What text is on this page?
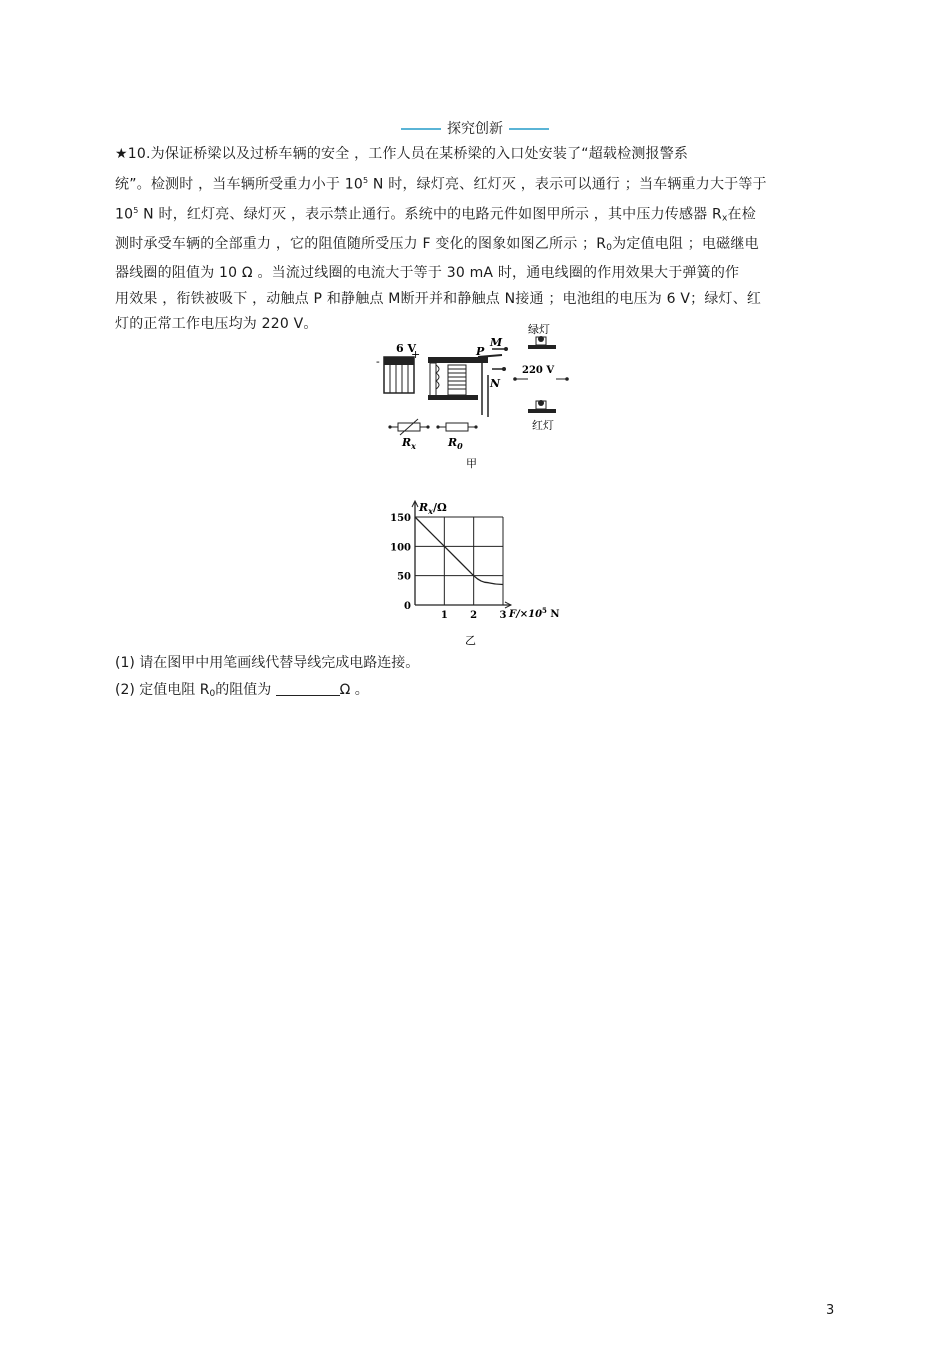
探究创新
★10.为保证桥梁以及过桥车辆的安全 ，工作人员在某桥梁的入口处安装了“超载检测报警系
统”。检测时 ，当车辆所受重力小于 $10^5$ N 时，绿灯亮、红灯灭 ，表示可以通行 ；当车辆重力大于等于
$10^5$ N 时，红灯亮、绿灯灭 ，表示禁止通行。系统中的电路元件如图甲所示 ，其中压力传感器 $R_x$在检
测时承受车辆的全部重力 ，它的阻值随所受压力 F 变化的图象如图乙所示 ；$R_0$为定值电阻 ；电磁继电
器线圈的阻值为 10 Ω 。当流过线圈的电流大于等于 30 mA 时，通电线圈的作用效果大于弹簧的作
用效果 ，衔铁被吸下 ，动触点 P 和静触点 M断开并和静触点 N接通 ；电池组的电压为 6 V；绿灯、红
灯的正常工作电压均为 220 V。
6 V
+
-
P
M
N
220 V
绿灯
红灯
$R_x$	$R_0$
甲
0
50
100
150
1 2 3
$R_x/\Omega$
$F/\times 10^5$ N
乙
(1) 请在图甲中用笔画线代替导线完成电路连接。
(2) 定值电阻 $R_0$的阻值为	Ω 。
3
